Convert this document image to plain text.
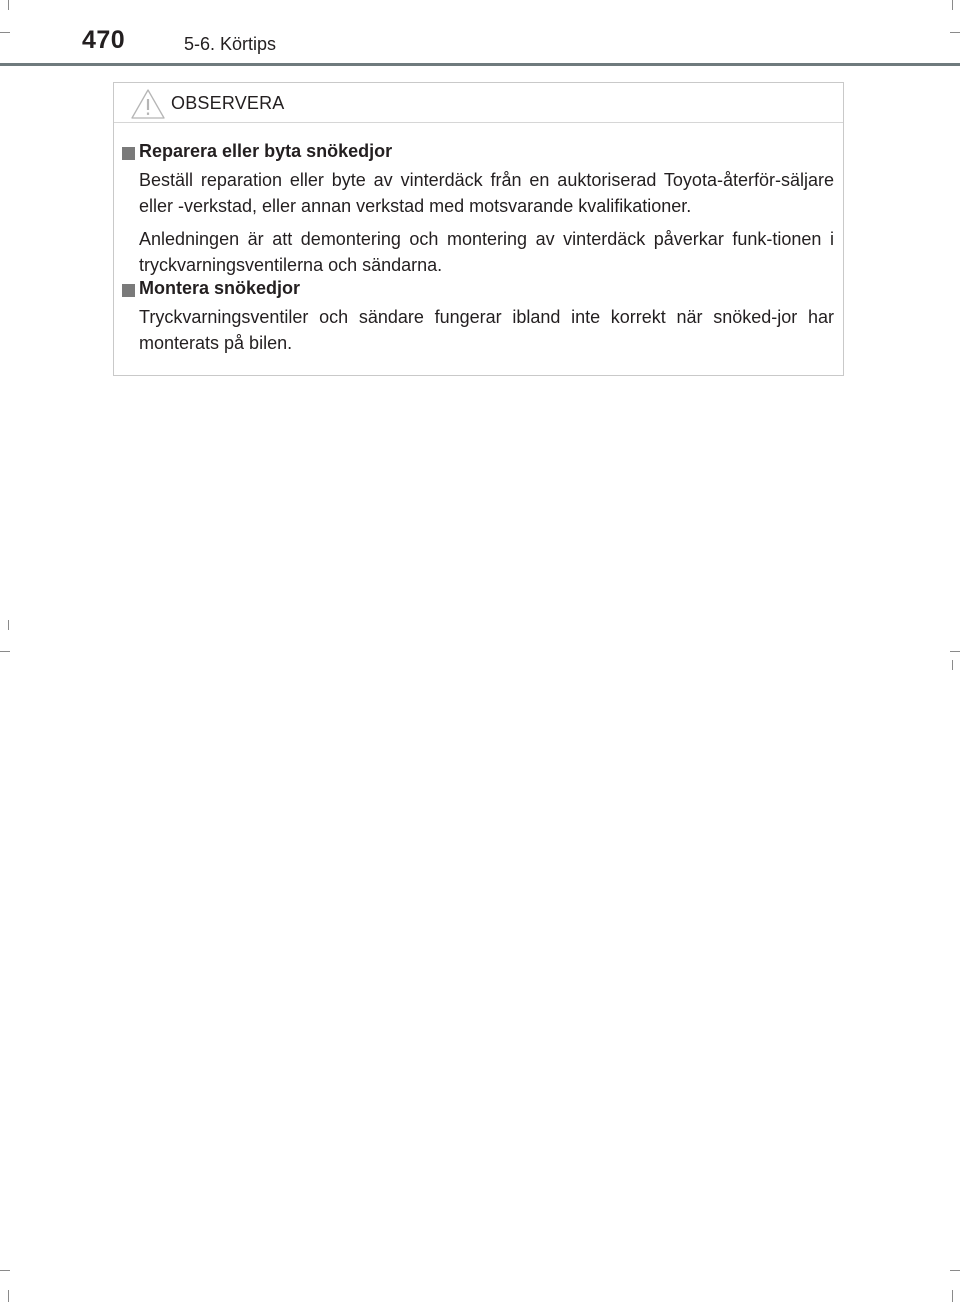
470	5-6. Körtips
OBSERVERA
Reparera eller byta snökedjor

Beställ reparation eller byte av vinterdäck från en auktoriserad Toyota-återför-säljare eller -verkstad, eller annan verkstad med motsvarande kvalifikationer.

Anledningen är att demontering och montering av vinterdäck påverkar funk-tionen i tryckvarningsventilerna och sändarna.

Montera snökedjor

Tryckvarningsventiler och sändare fungerar ibland inte korrekt när snöked-jor har monterats på bilen.
